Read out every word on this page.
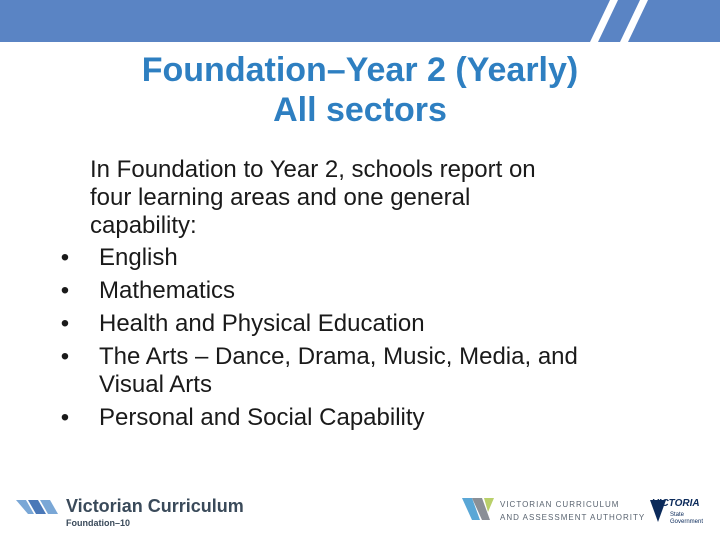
Foundation–Year 2 (Yearly)
All sectors
In Foundation to Year 2, schools report on
four learning areas and one general
capability:
• English
• Mathematics
• Health and Physical Education
• The Arts – Dance, Drama, Music, Media, and
Visual Arts
• Personal and Social Capability
Victorian Curriculum
Foundation–10
VICTORIAN CURRICULUM
AND ASSESSMENT AUTHORITY
VICTORIA
State
Government
